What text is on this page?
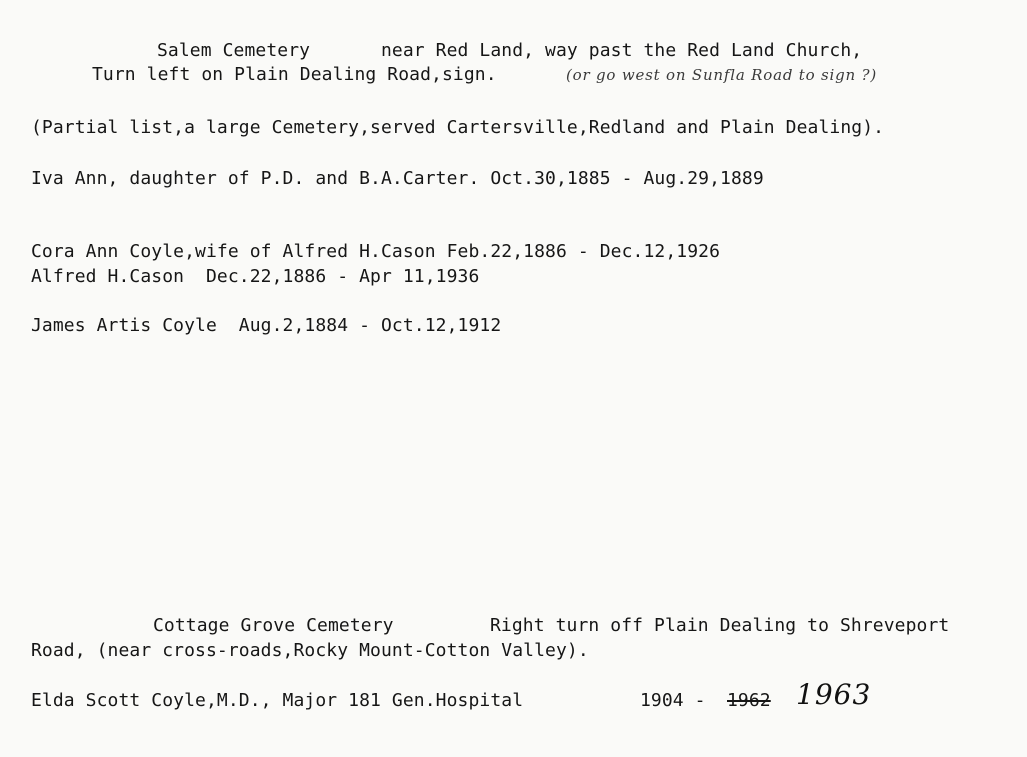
Salem Cemetery	near Red Land, way past the Red Land Church,
Turn left on Plain Dealing Road,sign.	(or go west on Sunfla Road to sign ?)
(Partial list,a large Cemetery,served Cartersville,Redland and Plain Dealing).
Iva Ann, daughter of P.D. and B.A.Carter. Oct.30,1885 - Aug.29,1889
Cora Ann Coyle,wife of Alfred H.Cason Feb.22,1886 - Dec.12,1926
Alfred H.Cason  Dec.22,1886 - Apr 11,1936
James Artis Coyle  Aug.2,1884 - Oct.12,1912
Cottage Grove Cemetery	Right turn off Plain Dealing to Shreveport
Road, (near cross-roads,Rocky Mount-Cotton Valley).
Elda Scott Coyle,M.D., Major 181 Gen.Hospital	1904 - 1962 1963
